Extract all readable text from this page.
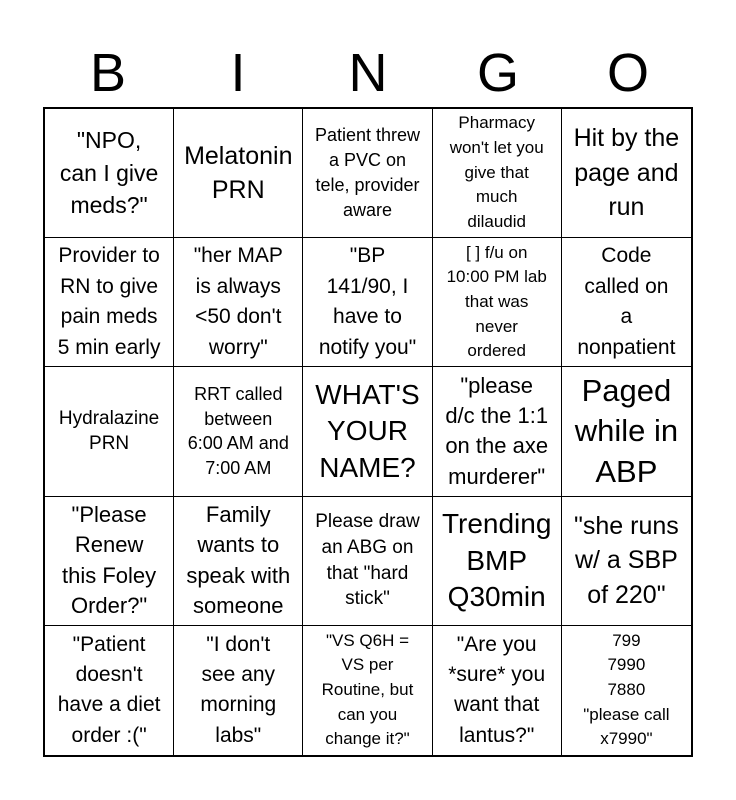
B	I	N	G	O
"NPO,
can I give
meds?"
Melatonin
PRN
Patient threw
a PVC on
tele, provider
aware
Pharmacy
won't let you
give that
much
dilaudid
Hit by the
page and
run
Provider to
RN to give
pain meds
5 min early
"her MAP
is always
<50 don't
worry"
"BP
141/90, I
have to
notify you"
[ ] f/u on
10:00 PM lab
that was
never
ordered
Code
called on
a
nonpatient
Hydralazine
PRN
RRT called
between
6:00 AM and
7:00 AM
WHAT'S
YOUR
NAME?
"please
d/c the 1:1
on the axe
murderer"
Paged
while in
ABP
"Please
Renew
this Foley
Order?"
Family
wants to
speak with
someone
Please draw
an ABG on
that "hard
stick"
Trending
BMP
Q30min
"she runs
w/ a SBP
of 220"
"Patient
doesn't
have a diet
order :("
"I don't
see any
morning
labs"
"VS Q6H =
VS per
Routine, but
can you
change it?"
"Are you
*sure* you
want that
lantus?"
799
7990
7880
"please call
x7990"
